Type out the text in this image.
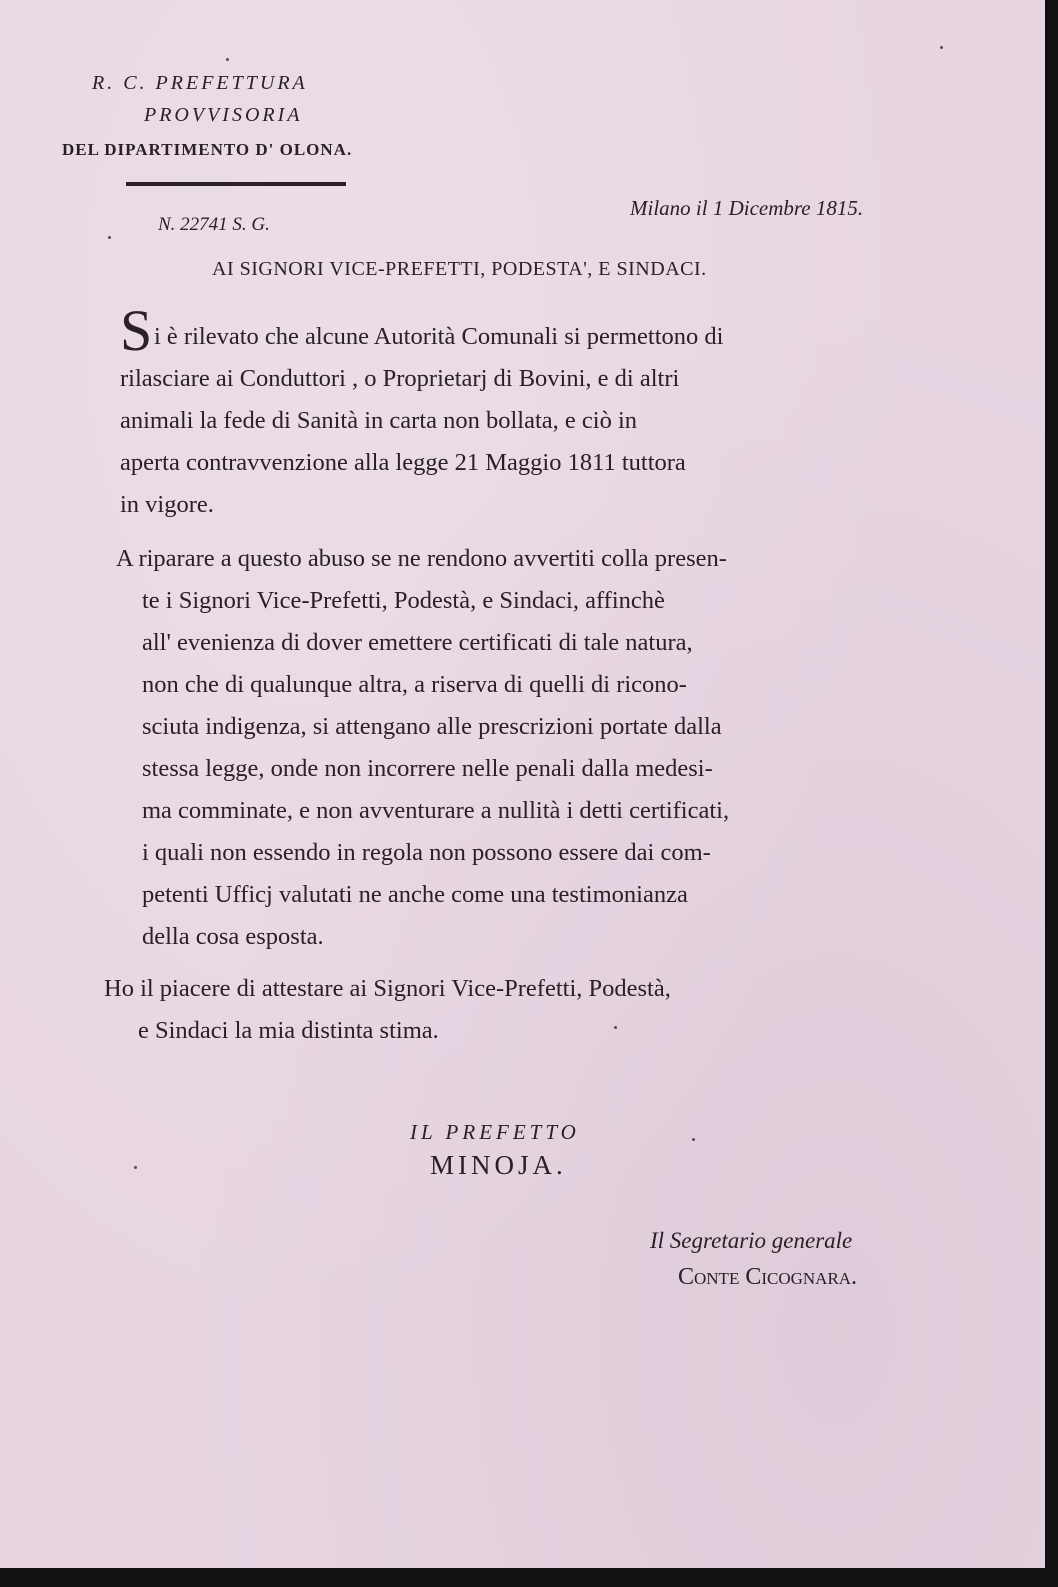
R. C. PREFETTURA
PROVVISORIA
DEL DIPARTIMENTO D' OLONA.
Milano il 1 Dicembre 1815.
N. 22741 S. G.
AI SIGNORI VICE-PREFETTI, PODESTA', E SINDACI.
S i è rilevato che alcune Autorità Comunali si permettono di
rilasciare ai Conduttori , o Proprietarj di Bovini, e di altri
animali la fede di Sanità in carta non bollata, e ciò in
aperta contravvenzione alla legge 21 Maggio 1811 tuttora
in vigore.
A riparare a questo abuso se ne rendono avvertiti colla presen-
te i Signori Vice-Prefetti, Podestà, e Sindaci, affinchè
all' evenienza di dover emettere certificati di tale natura,
non che di qualunque altra, a riserva di quelli di ricono-
sciuta indigenza, si attengano alle prescrizioni portate dalla
stessa legge, onde non incorrere nelle penali dalla medesi-
ma comminate, e non avventurare a nullità i detti certificati,
i quali non essendo in regola non possono essere dai com-
petenti Ufficj valutati ne anche come una testimonianza
della cosa esposta.
Ho il piacere di attestare ai Signori Vice-Prefetti, Podestà,
e Sindaci la mia distinta stima.
IL PREFETTO
MINOJA.
Il Segretario generale
Conte Cicognara.
